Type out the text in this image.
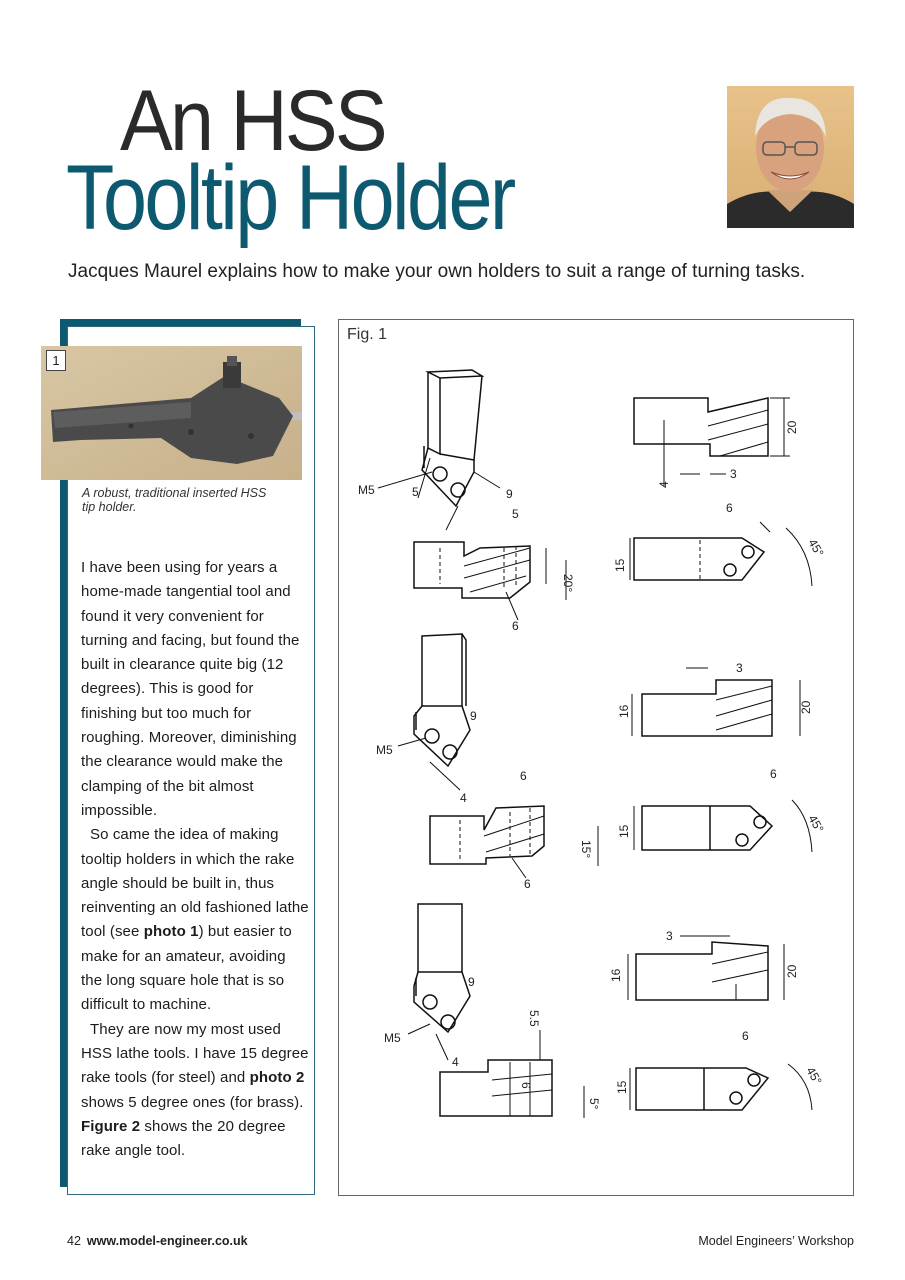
An HSS
Tooltip Holder
Jacques Maurel explains how to make your own holders to suit a range of turning tasks.
1
A robust, traditional inserted HSS tip holder.

I have been using for years a home-made tangential tool and found it very convenient for turning and facing, but found the built in clearance quite big (12 degrees). This is good for finishing but too much for roughing. Moreover, diminishing the clearance would make the clamping of the bit almost impossible.

So came the idea of making tooltip holders in which the rake angle should be built in, thus reinventing an old fashioned lathe tool (see photo 1) but easier to make for an amateur, avoiding the long square hole that is so difficult to machine.

They are now my most used HSS lathe tools. I have 15 degree rake tools (for steel) and photo 2 shows 5 degree ones (for brass). Figure 2 shows the 20 degree rake angle tool.

Fig. 1
M5	5	9
5
20°
6
20
4
3
15
6
45°
M5
9
4
6
15°
6
3
16	20
15
6
45°
9
M5
4
5.5
6
5°
3
16	20
15
6
45°
42 www.model-engineer.co.uk	Model Engineers’ Workshop
